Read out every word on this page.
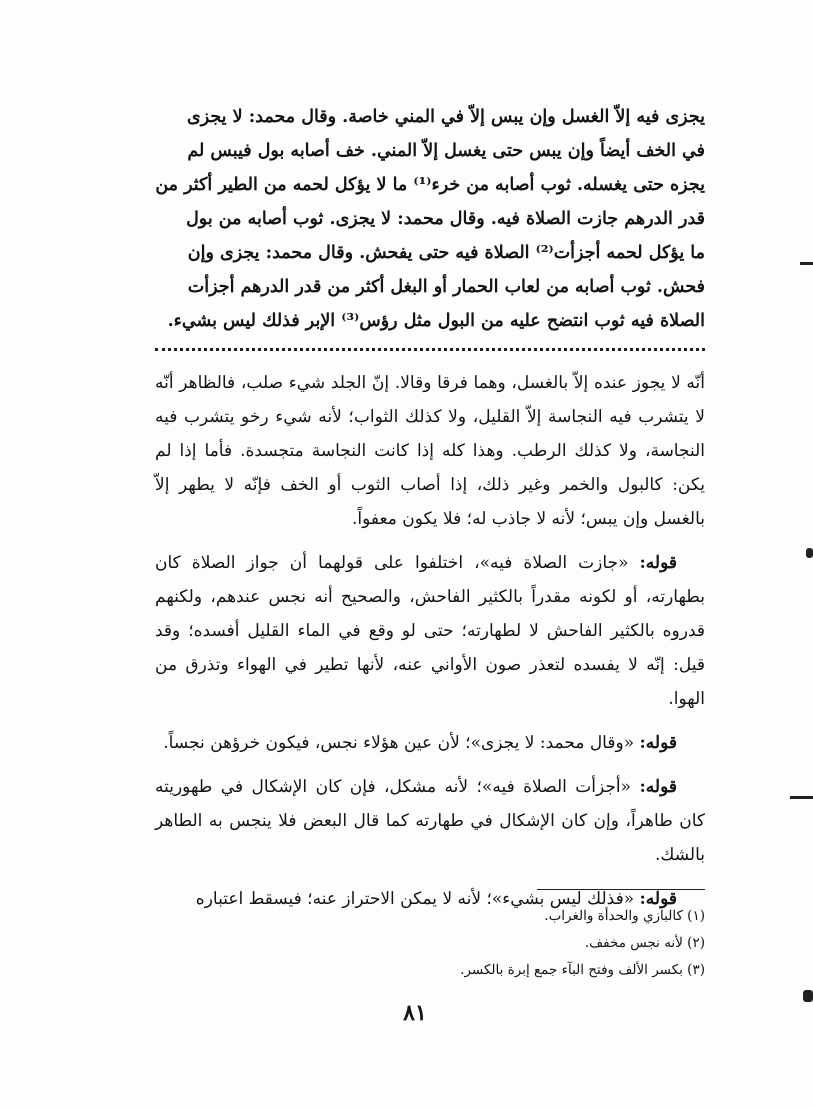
يجزى فيه إلاّ الغسل وإن يبس إلاّ في المني خاصة. وقال محمد: لا يجزى
في الخف أيضاً وإن يبس حتى يغسل إلاّ المني. خف أصابه بول فيبس لم
يجزه حتى يغسله. ثوب أصابه من خرء⁽¹⁾ ما لا يؤكل لحمه من الطير أكثر من
قدر الدرهم جازت الصلاة فيه. وقال محمد: لا يجزى. ثوب أصابه من بول
ما يؤكل لحمه أجزأت⁽²⁾ الصلاة فيه حتى يفحش. وقال محمد: يجزى وإن
فحش. ثوب أصابه من لعاب الحمار أو البغل أكثر من قدر الدرهم أجزأت
الصلاة فيه ثوب انتضح عليه من البول مثل رؤس⁽³⁾ الإبر فذلك ليس بشيء.

أنّه لا يجوز عنده إلاّ بالغسل، وهما فرقا وقالا. إنّ الجلد شيء صلب، فالظاهر أنّه لا يتشرب فيه النجاسة إلاّ القليل، ولا كذلك الثواب؛ لأنه شيء رخو يتشرب فيه النجاسة، ولا كذلك الرطب. وهذا كله إذا كانت النجاسة متجسدة. فأما إذا لم يكن: كالبول والخمر وغير ذلك، إذا أصاب الثوب أو الخف فإنّه لا يطهر إلاّ بالغسل وإن يبس؛ لأنه لا جاذب له؛ فلا يكون معفواً.

قوله: «جازت الصلاة فيه»، اختلفوا على قولهما أن جواز الصلاة كان بطهارته، أو لكونه مقدراً بالكثير الفاحش، والصحيح أنه نجس عندهم، ولكنهم قدروه بالكثير الفاحش لا لطهارته؛ حتى لو وقع في الماء القليل أفسده؛ وقد قيل: إنّه لا يفسده لتعذر صون الأواني عنه، لأنها تطير في الهواء وتذرق من الهوا.

قوله: «وقال محمد: لا يجزى»؛ لأن عين هؤلاء نجس، فيكون خرؤهن نجساً.

قوله: «أجزأت الصلاة فيه»؛ لأنه مشكل، فإن كان الإشكال في طهوريته كان طاهراً، وإن كان الإشكال في طهارته كما قال البعض فلا ينجس به الطاهر بالشك.

قوله: «فذلك ليس بشيء»؛ لأنه لا يمكن الاحتراز عنه؛ فيسقط اعتباره

(١) كالبازي والحدأة والغراب.
(٢) لأنه نجس مخفف.
(٣) بكسر الألف وفتح البآء جمع إبرة بالكسر.
٨١
